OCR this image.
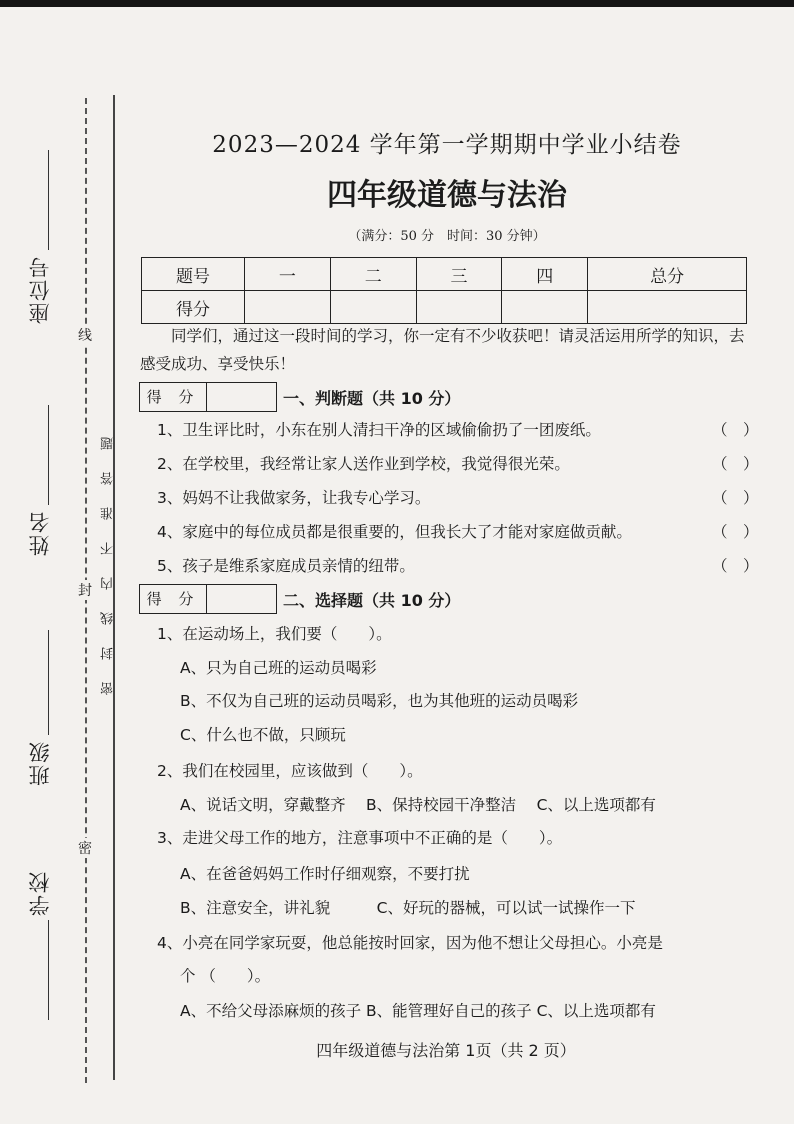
座位号
姓名
班级
学校
线
封
密
密封线内不准答题
2023—2024 学年第一学期期中学业小结卷
四年级道德与法治
（满分：50 分　时间：30 分钟）
题号	一	二	三	四	总分
得分					
同学们，通过这一段时间的学习，你一定有不少收获吧！请灵活运用所学的知识，去感受成功、享受快乐！
得 分	一、判断题（共 10 分）
1、卫生评比时，小东在别人清扫干净的区域偷偷扔了一团废纸。	（　）
2、在学校里，我经常让家人送作业到学校，我觉得很光荣。	（　）
3、妈妈不让我做家务，让我专心学习。	（　）
4、家庭中的每位成员都是很重要的，但我长大了才能对家庭做贡献。	（　）
5、孩子是维系家庭成员亲情的纽带。	（　）
得 分	二、选择题（共 10 分）
1、在运动场上，我们要（　　）。
A、只为自己班的运动员喝彩
B、不仅为自己班的运动员喝彩，也为其他班的运动员喝彩
C、什么也不做，只顾玩
2、我们在校园里，应该做到（　　）。
A、说话文明，穿戴整齐　 B、保持校园干净整洁　 C、以上选项都有
3、走进父母工作的地方，注意事项中不正确的是（　　）。
A、在爸爸妈妈工作时仔细观察，不要打扰
B、注意安全，讲礼貌　　　C、好玩的器械，可以试一试操作一下
4、小亮在同学家玩耍，他总能按时回家，因为他不想让父母担心。小亮是
个 （　　）。
A、不给父母添麻烦的孩子 B、能管理好自己的孩子 C、以上选项都有
四年级道德与法治第 1页（共 2 页）
